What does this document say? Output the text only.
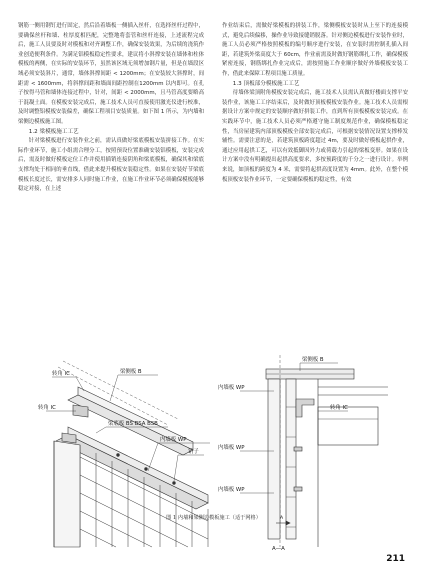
钢筋一侧用钢钉进行固定，然后沿着墙板一侧插入丝杆，在选择丝杆过程中，要确保丝杆和墙、柱厚度相匹配，完整地将套管和丝杆连接，上述流程完成后，施工人员要及时对模板和对齐调整工作，确保安装效果，为后续的浇筑作业创造便利条件。为满足铝模板稳定性要求，建议将小斜撑安装在墙体和柱体模板的两侧，在实际的安装环节，虽然该区域无须增加钢片量，但是在墙段区域必须安装斜片，通常，墙体斜撑间距 < 1200mm；在安装较大斜撑时，间距需 < 1600mm，将斜撑间距和墙面间距控制在1200mm 以内即可。在孔子按得马管和墙体连接过程中，针对，间距 < 2000mm，且马管高度要略高于混凝土面。在模板安装完成后，施工技术人员可直接使用激光仪进行校准，及时调整铝模板安装偏差，确保工程项目安装质量。如下图 1 所示，为内墙和梁侧边模板施工图。

1.2 梁模板施工工艺

针对梁模板进行安装作业之前，需认真做好梁底模板安装拼接工作。在实际作业环节，施工小组需合理分工，按照预设位置准确安装铝模板，安装完成后，需及时做好模板定位工作并使用插销连接阴角和梁底模板，确保其和梁底支撑均处于相同的垂直线，借此来提升模板安装稳定性。如果在安装好节梁底模板长度过长，需安排多人同时施工作业，在施工作业环节必须确保模板能够稳定对接，在上述

作业结束后，需做好梁模板的拼装工作，梁侧模板安装时从上至下的连接模式，避免后续偏移，操作业导致接缝销脱落。针对侧边模板进行安装作业时，施工人员必须严格按照模板的编号顺序进行安装，在安装时需控制孔插入间距，若建筑外梁高度大于 60cm，作业前需及时做好钢筋绑扎工作，确保模板紧密连接，钢筋绑扎作业完成后，需按照施工作业顺序做好外墙模板安装工作，借此来保障工程项目施工质量。

1.3 顶板部分模板施工工艺

待墙体梁顶附角模板安装完成后，施工技术人员需认真做好楼面支撑平安装作业，该施工工序结束后，及时做好顶板模板安装作业。施工技术人员需根据设计方案中规定的安装顺序做好拼装工作，直到所有顶板模板安装完成。在实践环节中，施工技术人员必须严格遵守施工制度规范作业，确保模板稳定性，当房屋建筑内部顶板模板全部安装完成后，可根据安装情况设置支撑棒发辅性。需要注意的是，若建筑顶板跨度超过 4m，要及时做好模板起拱作业，通过应用起拱工艺，可以有效抵御因外力或荷载力引起的梁板变形。如果在设计方案中没有明确提出起拱高度要求，多按预跨度的千分之一进行设计。举例来说，如顶板的跨度为 4 米，需要将起拱高度设置为 4mm。此外，在整个模板顶板安装作业环节，一定要确保模板的稳定性，有效

转角 IC	梁侧板 B
转角 IC
梁底板 BS BSA BSB
内墙板 WP
销子
梁侧板 B
内墙板 WP
转角 IC
内墙板 WP
内墙板 WP
A
A—A
图 1 内墙和梁侧边模板施工（适于网格）
211
